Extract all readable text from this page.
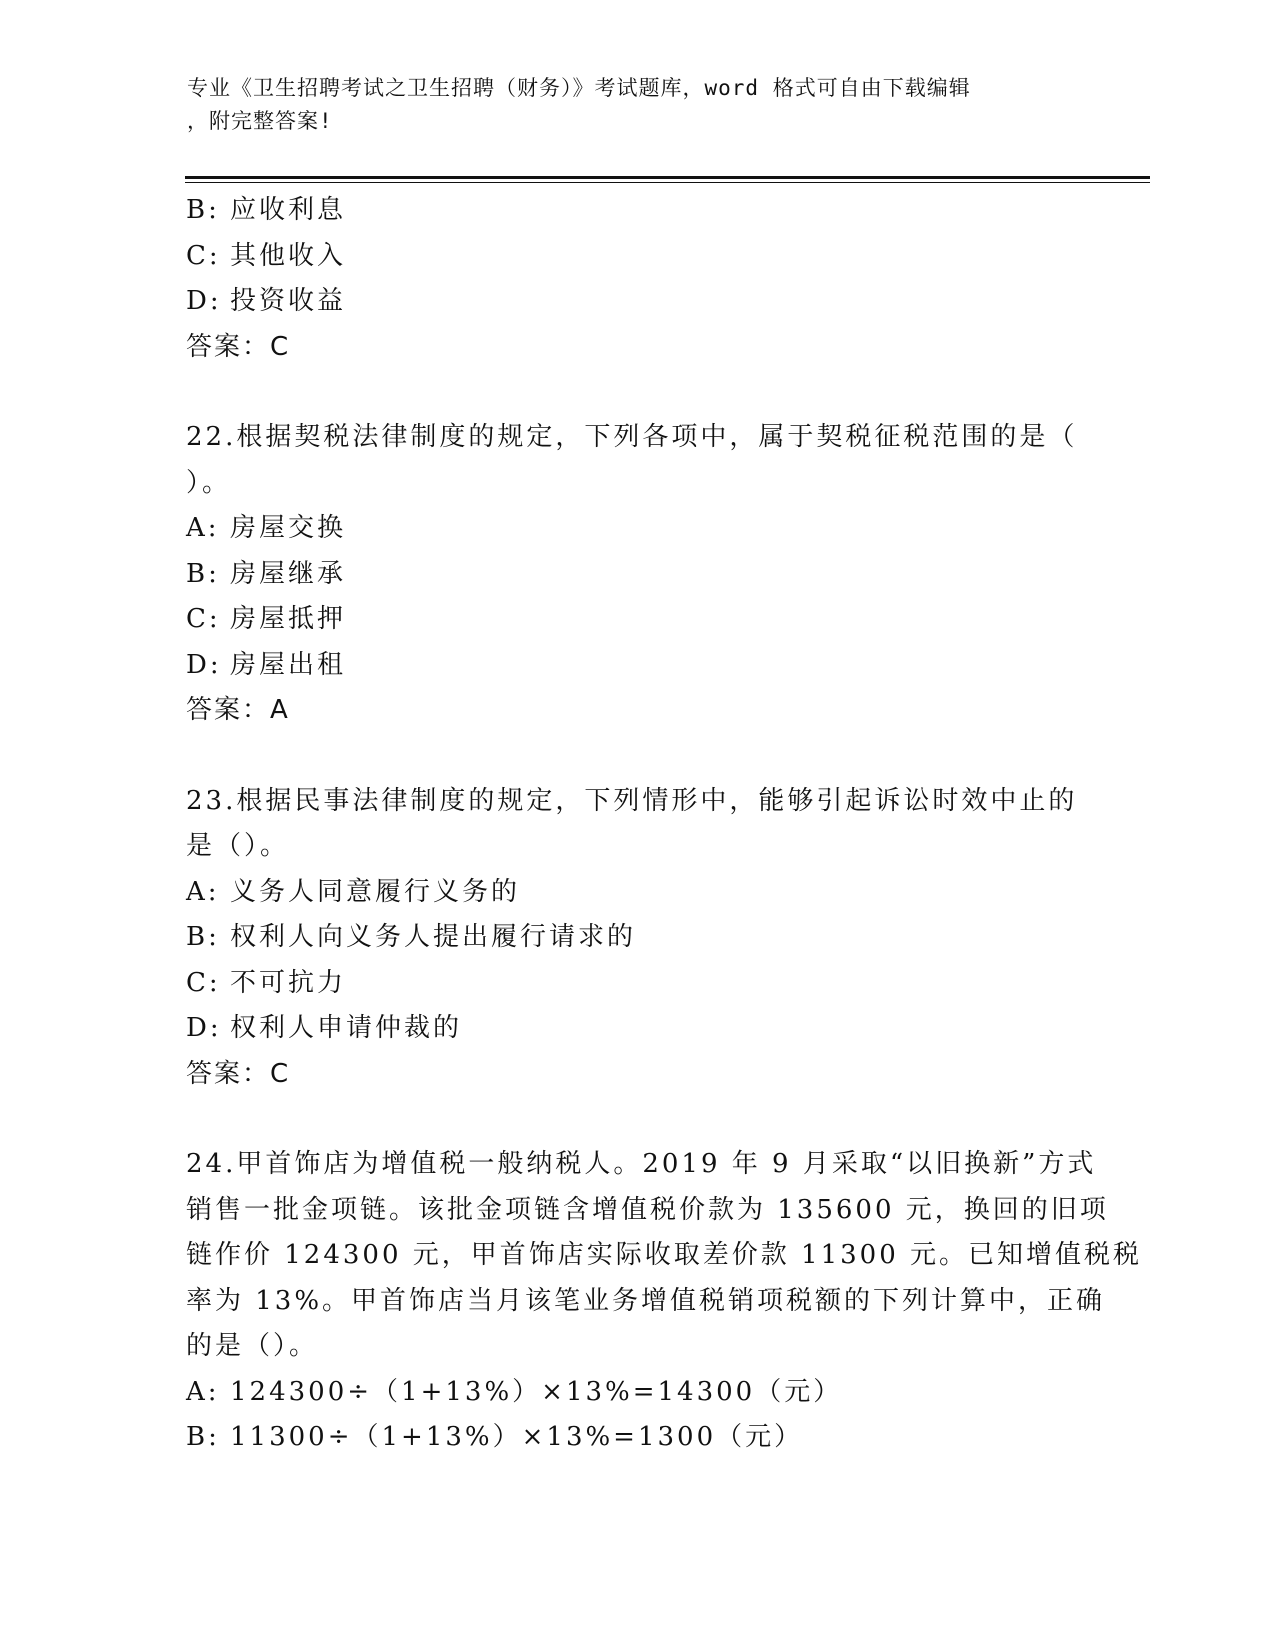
专业《卫生招聘考试之卫生招聘（财务）》考试题库，word 格式可自由下载编辑
，附完整答案!
B: 应收利息
C: 其他收入
D: 投资收益
答案：C
22.根据契税法律制度的规定，下列各项中，属于契税征税范围的是（
）。
A: 房屋交换
B: 房屋继承
C: 房屋抵押
D: 房屋出租
答案：A
23.根据民事法律制度的规定，下列情形中，能够引起诉讼时效中止的
是（）。
A: 义务人同意履行义务的
B: 权利人向义务人提出履行请求的
C: 不可抗力
D: 权利人申请仲裁的
答案：C
24.甲首饰店为增值税一般纳税人。2019 年 9 月采取“以旧换新”方式
销售一批金项链。该批金项链含增值税价款为 135600 元，换回的旧项
链作价 124300 元，甲首饰店实际收取差价款 11300 元。已知增值税税
率为 13%。甲首饰店当月该笔业务增值税销项税额的下列计算中，正确
的是（）。
A: 124300÷（1+13%）×13%=14300（元）
B: 11300÷（1+13%）×13%=1300（元）
